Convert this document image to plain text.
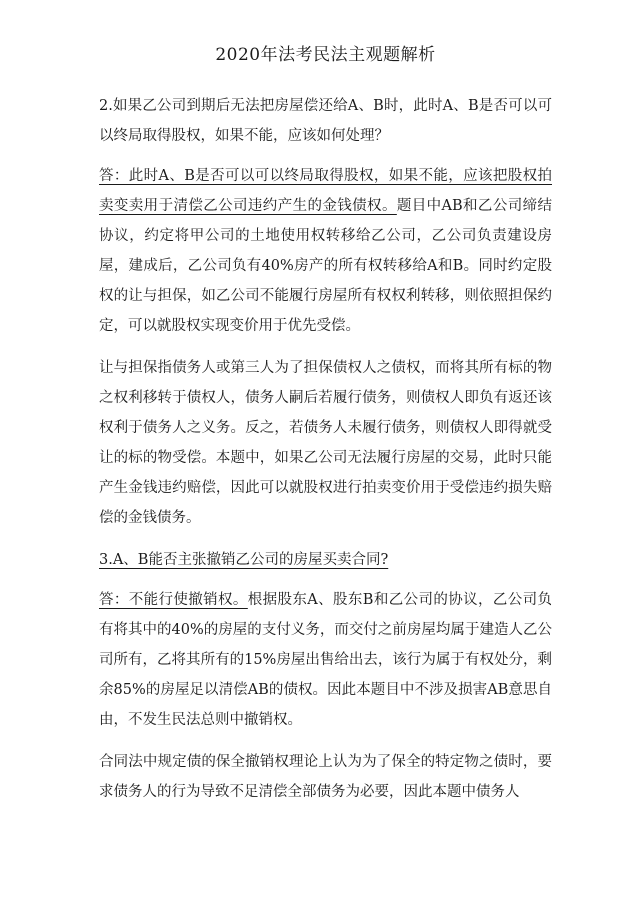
2020年法考民法主观题解析

2.如果乙公司到期后无法把房屋偿还给A、B时，此时A、B是否可以可以终局取得股权，如果不能，应该如何处理？

答：此时A、B是否可以可以终局取得股权，如果不能，应该把股权拍卖变卖用于清偿乙公司违约产生的金钱债权。题目中AB和乙公司缔结协议，约定将甲公司的土地使用权转移给乙公司，乙公司负责建设房屋，建成后，乙公司负有40%房产的所有权转移给A和B。同时约定股权的让与担保，如乙公司不能履行房屋所有权权利转移，则依照担保约定，可以就股权实现变价用于优先受偿。

让与担保指债务人或第三人为了担保债权人之债权，而将其所有标的物之权利移转于债权人，债务人嗣后若履行债务，则债权人即负有返还该权利于债务人之义务。反之，若债务人未履行债务，则债权人即得就受让的标的物受偿。本题中，如果乙公司无法履行房屋的交易，此时只能产生金钱违约赔偿，因此可以就股权进行拍卖变价用于受偿违约损失赔偿的金钱债务。

3.A、B能否主张撤销乙公司的房屋买卖合同?

答：不能行使撤销权。根据股东A、股东B和乙公司的协议，乙公司负有将其中的40%的房屋的支付义务，而交付之前房屋均属于建造人乙公司所有，乙将其所有的15%房屋出售给出去，该行为属于有权处分，剩余85%的房屋足以清偿AB的债权。因此本题目中不涉及损害AB意思自由，不发生民法总则中撤销权。

合同法中规定债的保全撤销权理论上认为为了保全的特定物之债时，要求债务人的行为导致不足清偿全部债务为必要，因此本题中债务人
